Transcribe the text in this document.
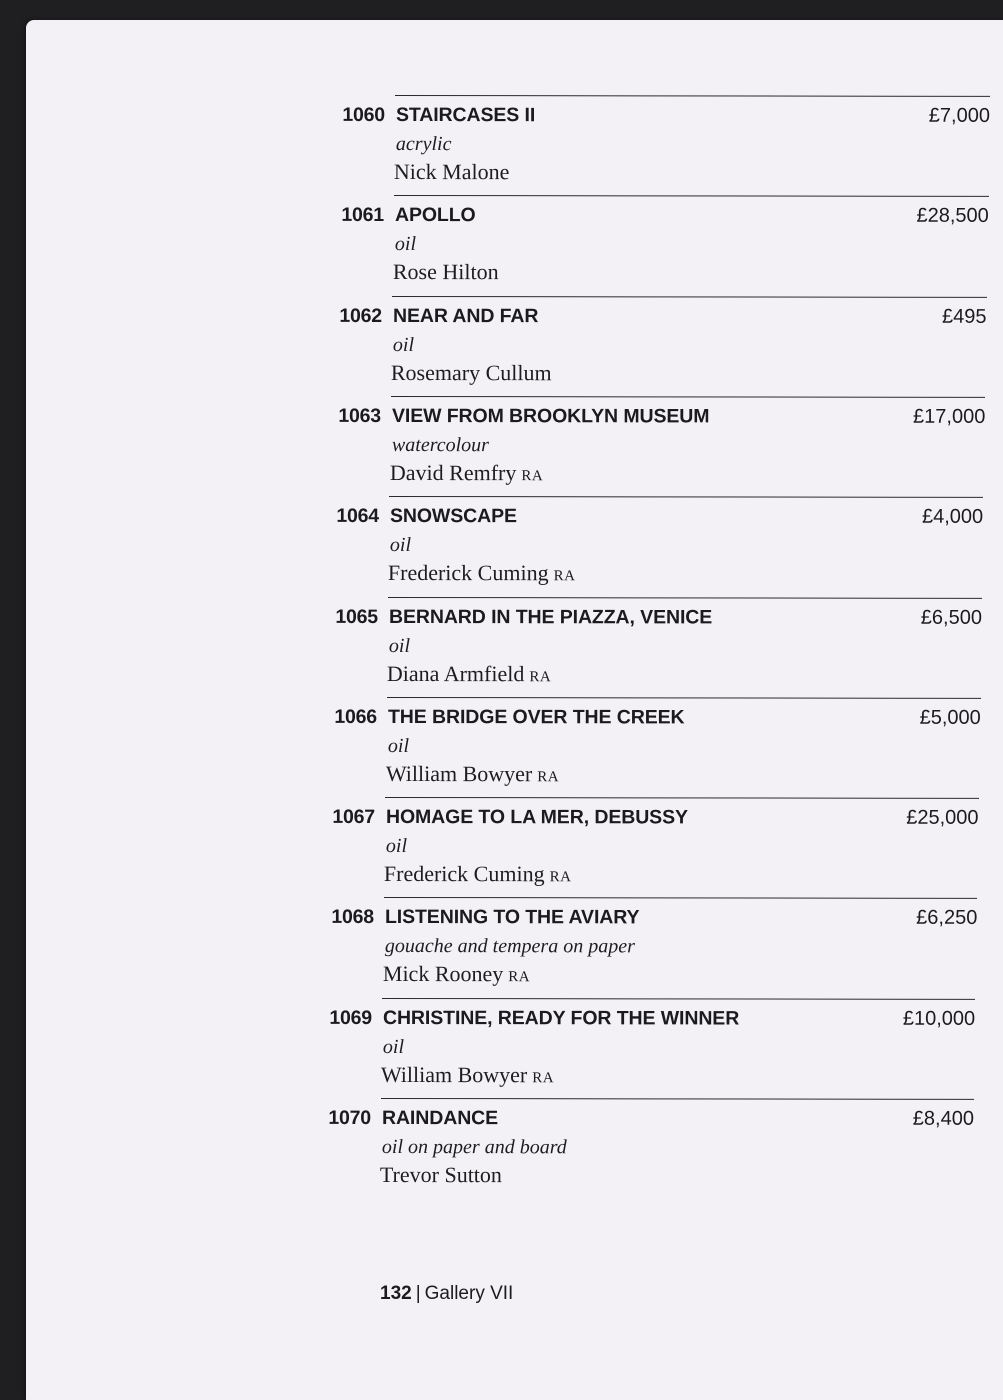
1060 STAIRCASES II	£7,000
acrylic
Nick Malone
1061 APOLLO	£28,500
oil
Rose Hilton
1062 NEAR AND FAR	£495
oil
Rosemary Cullum
1063 VIEW FROM BROOKLYN MUSEUM	£17,000
watercolour
David Remfry RA
1064 SNOWSCAPE	£4,000
oil
Frederick Cuming RA
1065 BERNARD IN THE PIAZZA, VENICE	£6,500
oil
Diana Armfield RA
1066 THE BRIDGE OVER THE CREEK	£5,000
oil
William Bowyer RA
1067 HOMAGE TO LA MER, DEBUSSY	£25,000
oil
Frederick Cuming RA
1068 LISTENING TO THE AVIARY	£6,250
gouache and tempera on paper
Mick Rooney RA
1069 CHRISTINE, READY FOR THE WINNER	£10,000
oil
William Bowyer RA
1070 RAINDANCE	£8,400
oil on paper and board
Trevor Sutton
132 | Gallery VII
